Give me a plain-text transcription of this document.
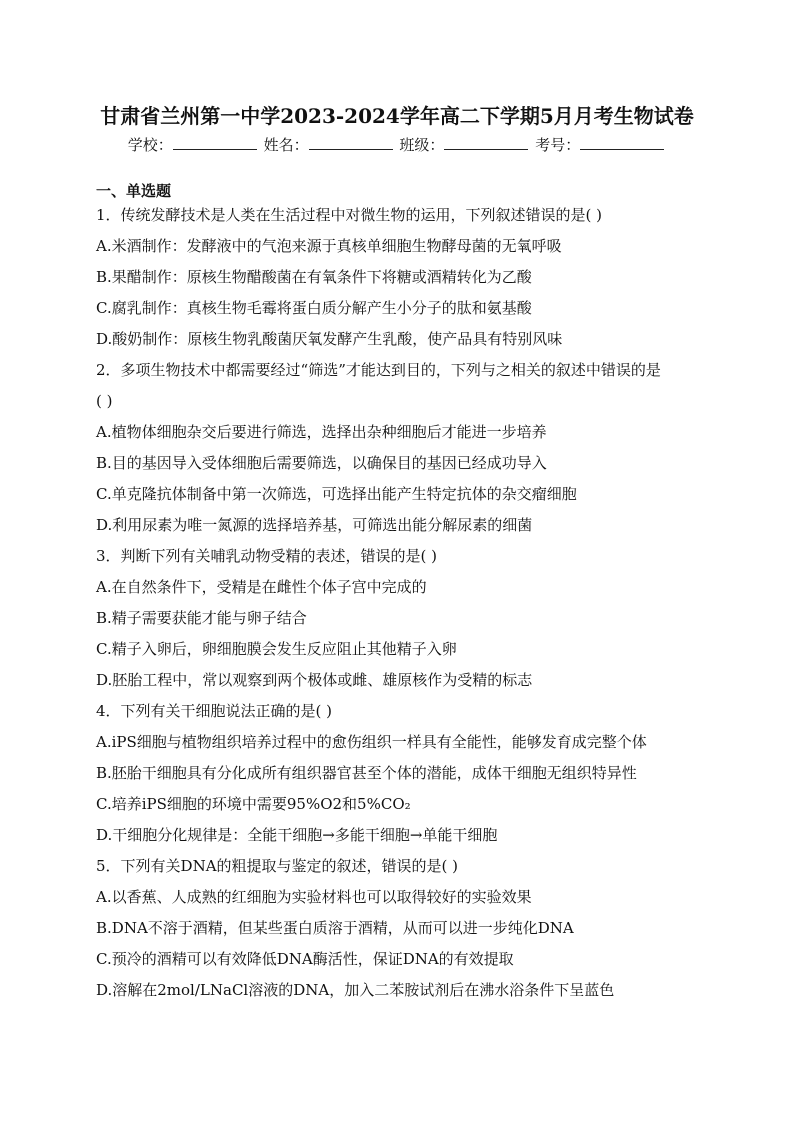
甘肃省兰州第一中学2023-2024学年高二下学期5月月考生物试卷
学校：	姓名：	班级：	考号：
一、单选题
1．传统发酵技术是人类在生活过程中对微生物的运用，下列叙述错误的是( )
A.米酒制作：发酵液中的气泡来源于真核单细胞生物酵母菌的无氧呼吸
B.果醋制作：原核生物醋酸菌在有氧条件下将糖或酒精转化为乙酸
C.腐乳制作：真核生物毛霉将蛋白质分解产生小分子的肽和氨基酸
D.酸奶制作：原核生物乳酸菌厌氧发酵产生乳酸，使产品具有特别风味
2．多项生物技术中都需要经过“筛选”才能达到目的，下列与之相关的叙述中错误的是
( )
A.植物体细胞杂交后要进行筛选，选择出杂种细胞后才能进一步培养
B.目的基因导入受体细胞后需要筛选，以确保目的基因已经成功导入
C.单克隆抗体制备中第一次筛选，可选择出能产生特定抗体的杂交瘤细胞
D.利用尿素为唯一氮源的选择培养基，可筛选出能分解尿素的细菌
3．判断下列有关哺乳动物受精的表述，错误的是( )
A.在自然条件下，受精是在雌性个体子宫中完成的
B.精子需要获能才能与卵子结合
C.精子入卵后，卵细胞膜会发生反应阻止其他精子入卵
D.胚胎工程中，常以观察到两个极体或雌、雄原核作为受精的标志
4．下列有关干细胞说法正确的是( )
A.iPS细胞与植物组织培养过程中的愈伤组织一样具有全能性，能够发育成完整个体
B.胚胎干细胞具有分化成所有组织器官甚至个体的潜能，成体干细胞无组织特异性
C.培养iPS细胞的环境中需要95%O2和5%CO₂
D.干细胞分化规律是：全能干细胞→多能干细胞→单能干细胞
5．下列有关DNA的粗提取与鉴定的叙述，错误的是( )
A.以香蕉、人成熟的红细胞为实验材料也可以取得较好的实验效果
B.DNA不溶于酒精，但某些蛋白质溶于酒精，从而可以进一步纯化DNA
C.预冷的酒精可以有效降低DNA酶活性，保证DNA的有效提取
D.溶解在2mol/LNaCl溶液的DNA，加入二苯胺试剂后在沸水浴条件下呈蓝色
